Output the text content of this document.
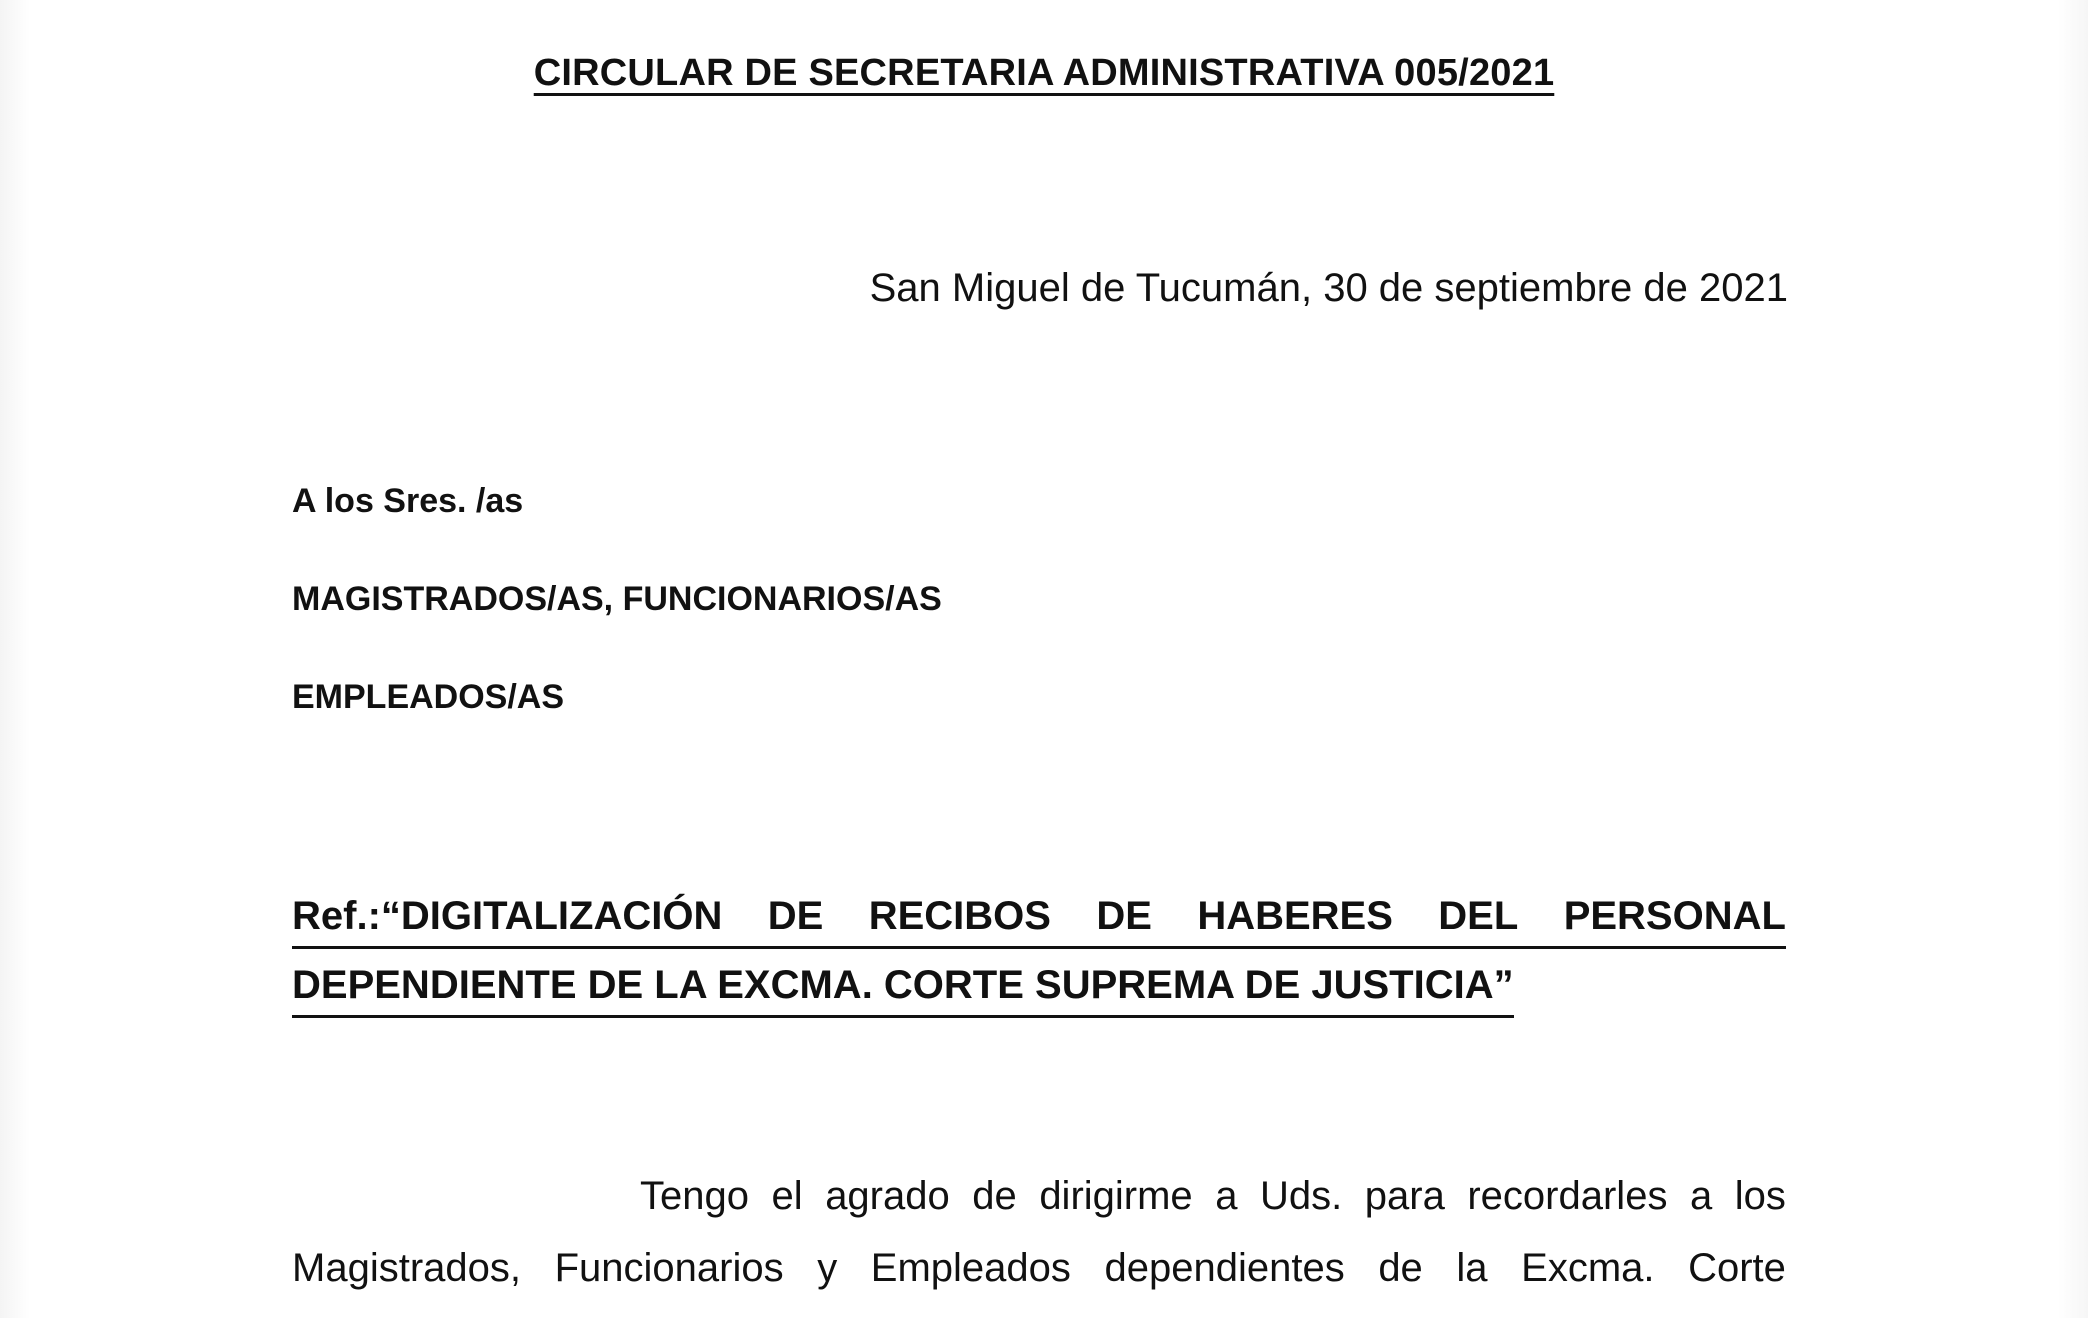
CIRCULAR DE SECRETARIA ADMINISTRATIVA 005/2021
San Miguel de Tucumán, 30 de septiembre de 2021
A los Sres. /as
MAGISTRADOS/AS, FUNCIONARIOS/AS
EMPLEADOS/AS
Ref.:“DIGITALIZACIÓN DE RECIBOS DE HABERES DEL PERSONAL
DEPENDIENTE DE LA EXCMA. CORTE SUPREMA DE JUSTICIA”
Tengo el agrado de dirigirme a Uds. para recordarles a los
Magistrados, Funcionarios y Empleados dependientes de la Excma. Corte
